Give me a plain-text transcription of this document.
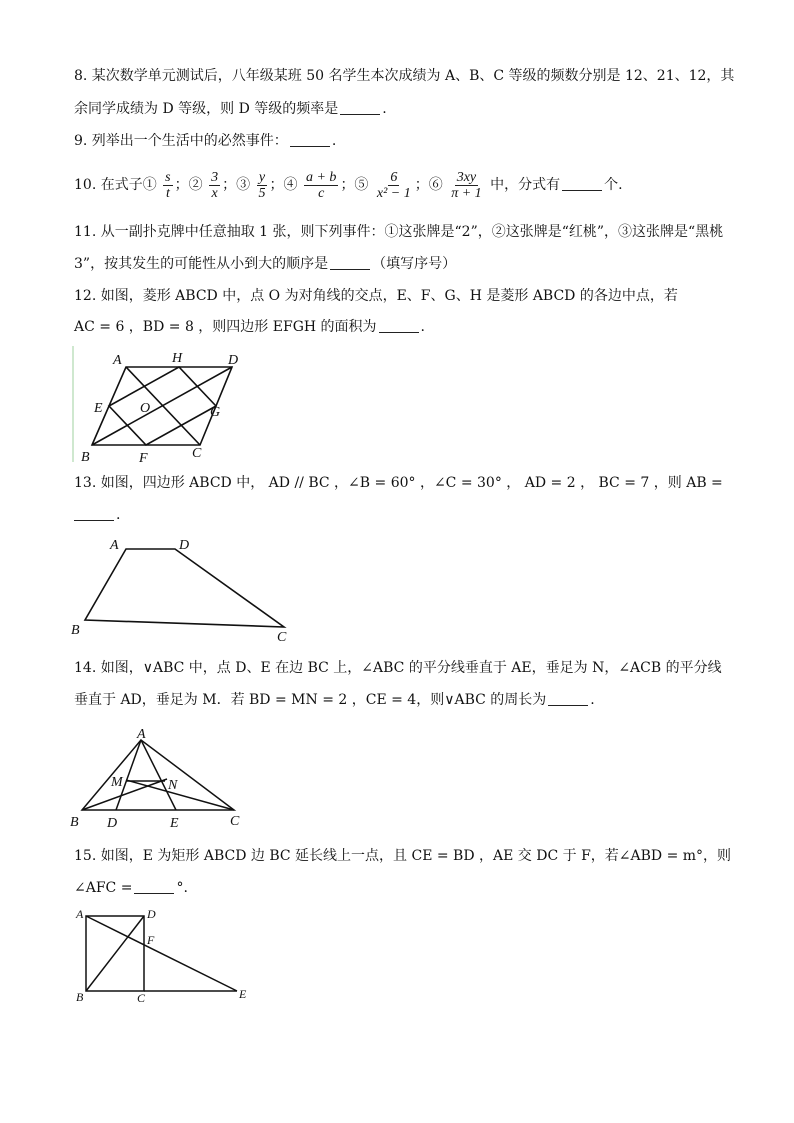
8. 某次数学单元测试后，八年级某班 50 名学生本次成绩为 A、B、C 等级的频数分别是 12、21、12，其
余同学成绩为 D 等级，则 D 等级的频率是	.
9. 列举出一个生活中的必然事件：	.
10. 在式子① $\frac{s}{t}$ ；② $\frac{3}{x}$ ；③ $\frac{y}{5}$ ；④ $\frac{a + b}{c}$ ；⑤ $\frac{6}{\text{x² − 1}}$ ；⑥ $\frac{3xy}{\pi + 1}$ 中，分式有	个.
11. 从一副扑克牌中任意抽取 1 张，则下列事件：①这张牌是“2”，②这张牌是“红桃”，③这张牌是“黑桃
3”，按其发生的可能性从小到大的顺序是	（填写序号）
12. 如图，菱形 ABCD 中，点 O 为对角线的交点，E、F、G、H 是菱形 ABCD 的各边中点，若
AC = 6 ，BD = 8 ，则四边形 EFGH 的面积为	.
A	H	D
E	O	G
B	F	C
13. 如图，四边形 ABCD 中， AD // BC ，∠B = 60° ，∠C = 30° ， AD = 2 ， BC = 7 ，则 AB =
.
A	D
B	C
14. 如图，∨ABC 中，点 D、E 在边 BC 上，∠ABC 的平分线垂直于 AE，垂足为 N，∠ACB 的平分线
垂直于 AD，垂足为 M．若 BD = MN = 2 ，CE = 4，则∨ABC 的周长为	.
A
M	N
B D	E	C
15. 如图，E 为矩形 ABCD 边 BC 延长线上一点，且 CE = BD ，AE 交 DC 于 F，若∠ABD = m°，则
∠AFC =	°.
A	D
F
B	C	E
